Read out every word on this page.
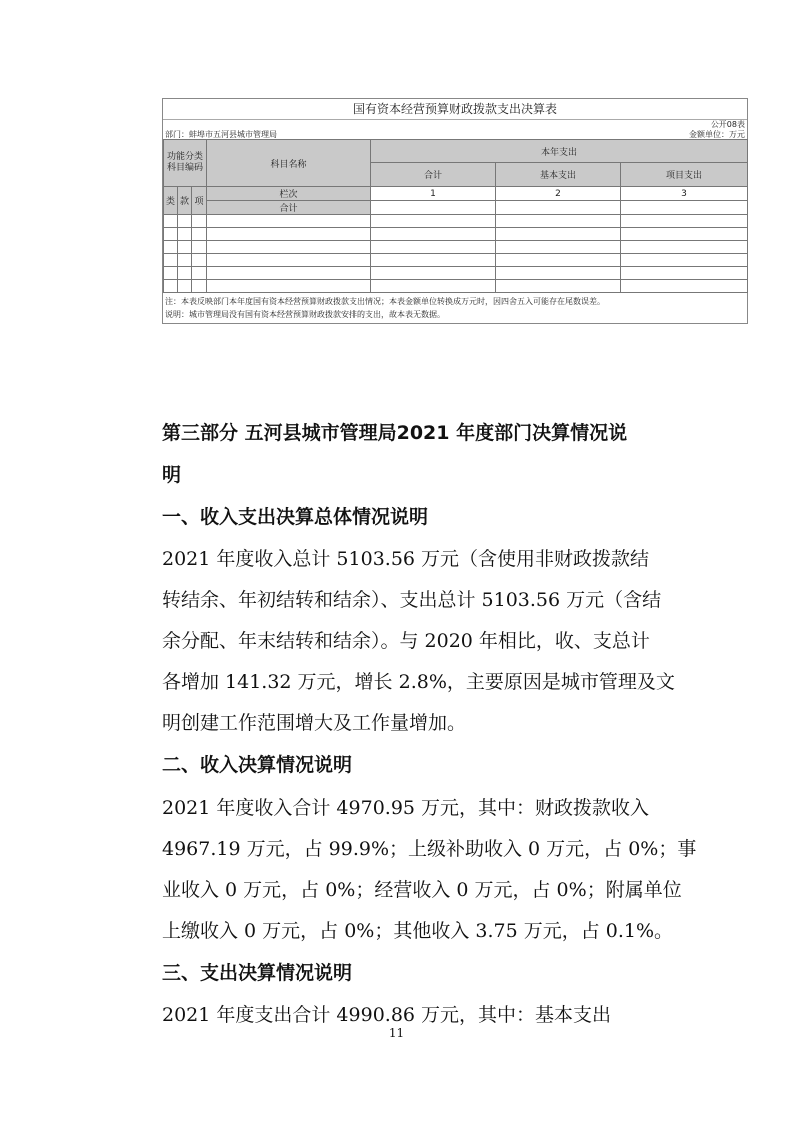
国有资本经营预算财政拨款支出决算表
公开08表
部门：蚌埠市五河县城市管理局	金额单位：万元
功能分类
科目编码			科目名称	本年支出		
				合计	基本支出	项目支出
类	款	项	栏次	1	2	3
			合计			

注：本表反映部门本年度国有资本经营预算财政拨款支出情况；本表金额单位转换成万元时，因四舍五入可能存在尾数误差。
说明：城市管理局没有国有资本经营预算财政拨款安排的支出，故本表无数据。
第三部分 五河县城市管理局2021 年度部门决算情况说
明
一、收入支出决算总体情况说明
2021 年度收入总计 5103.56 万元（含使用非财政拨款结
转结余、年初结转和结余）、支出总计 5103.56 万元（含结
余分配、年末结转和结余）。与 2020 年相比，收、支总计
各增加 141.32 万元，增长 2.8%，主要原因是城市管理及文
明创建工作范围增大及工作量增加。
二、收入决算情况说明
2021 年度收入合计 4970.95 万元，其中：财政拨款收入
4967.19 万元，占 99.9%；上级补助收入 0 万元，占 0%；事
业收入 0 万元，占 0%；经营收入 0 万元，占 0%；附属单位
上缴收入 0 万元，占 0%；其他收入 3.75 万元，占 0.1%。
三、支出决算情况说明
2021 年度支出合计 4990.86 万元，其中：基本支出
11
